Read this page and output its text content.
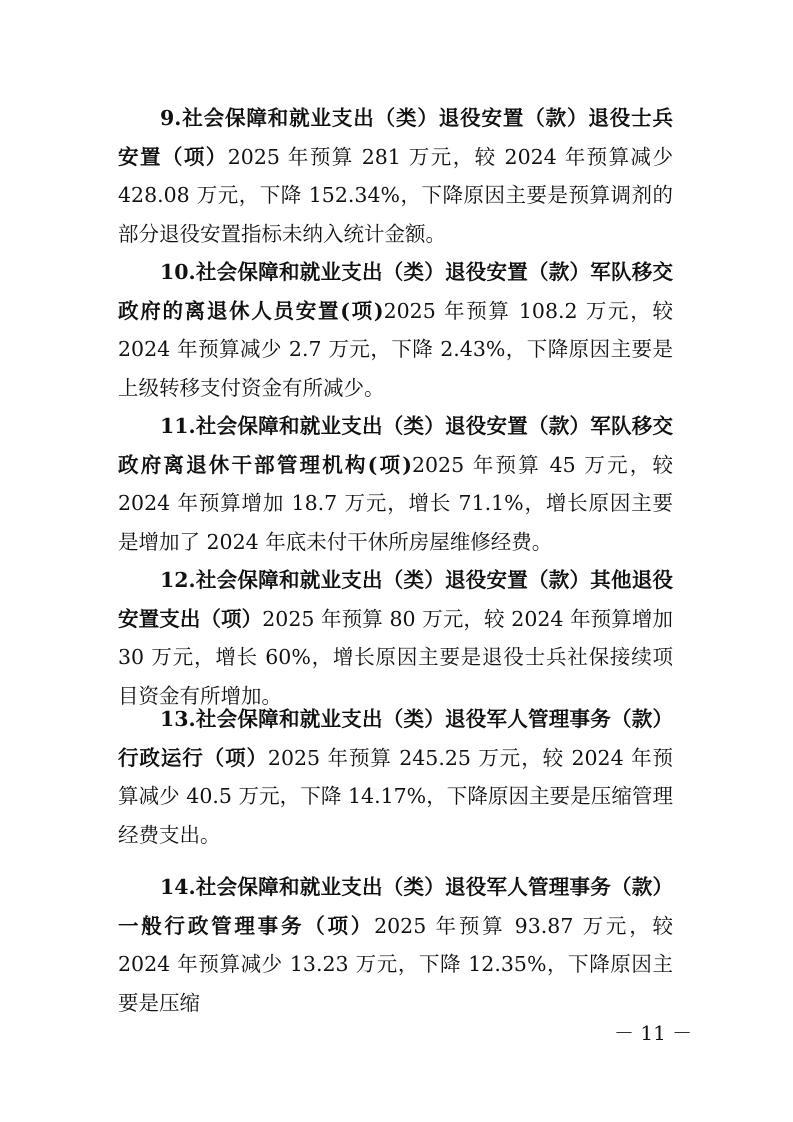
9.社会保障和就业支出（类）退役安置（款）退役士兵安置（项）2025 年预算 281 万元，较 2024 年预算减少 428.08 万元，下降 152.34%，下降原因主要是预算调剂的部分退役安置指标未纳入统计金额。

10.社会保障和就业支出（类）退役安置（款）军队移交政府的离退休人员安置(项)2025 年预算 108.2 万元，较 2024 年预算减少 2.7 万元，下降 2.43%，下降原因主要是上级转移支付资金有所减少。

11.社会保障和就业支出（类）退役安置（款）军队移交政府离退休干部管理机构(项)2025 年预算 45 万元，较 2024 年预算增加 18.7 万元，增长 71.1%，增长原因主要是增加了 2024 年底未付干休所房屋维修经费。

12.社会保障和就业支出（类）退役安置（款）其他退役安置支出（项）2025 年预算 80 万元，较 2024 年预算增加 30 万元，增长 60%，增长原因主要是退役士兵社保接续项目资金有所增加。

13.社会保障和就业支出（类）退役军人管理事务（款）行政运行（项）2025 年预算 245.25 万元，较 2024 年预算减少 40.5 万元，下降 14.17%，下降原因主要是压缩管理经费支出。

14.社会保障和就业支出（类）退役军人管理事务（款）一般行政管理事务（项）2025 年预算 93.87 万元，较 2024 年预算减少 13.23 万元，下降 12.35%，下降原因主要是压缩

－ 11 －
